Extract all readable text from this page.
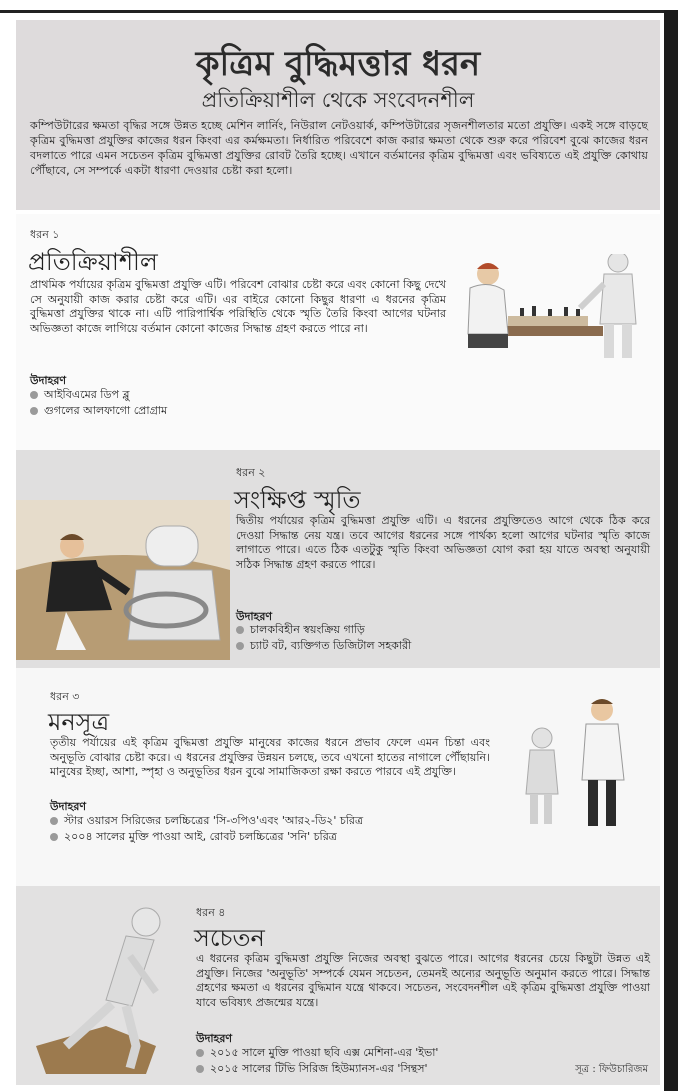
কৃত্রিম বুদ্ধিমত্তার ধরন
প্রতিক্রিয়াশীল থেকে সংবেদনশীল
কম্পিউটারের ক্ষমতা বৃদ্ধির সঙ্গে উন্নত হচ্ছে মেশিন লার্নিং, নিউরাল নেটওয়ার্ক, কম্পিউটারের সৃজনশীলতার মতো প্রযুক্তি। একই সঙ্গে বাড়ছে কৃত্রিম বুদ্ধিমত্তা প্রযুক্তির কাজের ধরন কিংবা এর কর্মক্ষমতা। নির্ধারিত পরিবেশে কাজ করার ক্ষমতা থেকে শুরু করে পরিবেশ বুঝে কাজের ধরন বদলাতে পারে এমন সচেতন কৃত্রিম বুদ্ধিমত্তা প্রযুক্তির রোবট তৈরি হচ্ছে। এখানে বর্তমানের কৃত্রিম বুদ্ধিমত্তা এবং ভবিষ্যতে এই প্রযুক্তি কোথায় পৌঁছাবে, সে সম্পর্কে একটা ধারণা দেওয়ার চেষ্টা করা হলো।
ধরন ১
প্রতিক্রিয়াশীল
প্রাথমিক পর্যায়ের কৃত্রিম বুদ্ধিমত্তা প্রযুক্তি এটি। পরিবেশ বোঝার চেষ্টা করে এবং কোনো কিছু দেখে সে অনুযায়ী কাজ করার চেষ্টা করে এটি। এর বাইরে কোনো কিছুর ধারণা এ ধরনের কৃত্রিম বুদ্ধিমত্তা প্রযুক্তির থাকে না। এটি পারিপার্শ্বিক পরিস্থিতি থেকে স্মৃতি তৈরি কিংবা আগের ঘটনার অভিজ্ঞতা কাজে লাগিয়ে বর্তমান কোনো কাজের সিদ্ধান্ত গ্রহণ করতে পারে না।
উদাহরণ
আইবিএমের ডিপ ব্লু
গুগলের আলফাগো প্রোগ্রাম
ধরন ২
সংক্ষিপ্ত স্মৃতি
দ্বিতীয় পর্যায়ের কৃত্রিম বুদ্ধিমত্তা প্রযুক্তি এটি। এ ধরনের প্রযুক্তিতেও আগে থেকে ঠিক করে দেওয়া সিদ্ধান্ত নেয় যন্ত্র। তবে আগের ধরনের সঙ্গে পার্থক্য হলো আগের ঘটনার স্মৃতি কাজে লাগাতে পারে। এতে ঠিক এতটুকু স্মৃতি কিংবা অভিজ্ঞতা যোগ করা হয় যাতে অবস্থা অনুযায়ী সঠিক সিদ্ধান্ত গ্রহণ করতে পারে।
উদাহরণ
চালকবিহীন স্বয়ংক্রিয় গাড়ি
চ্যাট বট, ব্যক্তিগত ডিজিটাল সহকারী
ধরন ৩
মনসূত্র
তৃতীয় পর্যায়ের এই কৃত্রিম বুদ্ধিমত্তা প্রযুক্তি মানুষের কাজের ধরনে প্রভাব ফেলে এমন চিন্তা এবং অনুভূতি বোঝার চেষ্টা করে। এ ধরনের প্রযুক্তির উন্নয়ন চলছে, তবে এখনো হাতের নাগালে পৌঁছায়নি। মানুষের ইচ্ছা, আশা, স্পৃহা ও অনুভূতির ধরন বুঝে সামাজিকতা রক্ষা করতে পারবে এই প্রযুক্তি।
উদাহরণ
স্টার ওয়ারস সিরিজের চলচ্চিত্রের 'সি-৩পিও'এবং 'আর২-ডি২' চরিত্র
২০০৪ সালের মুক্তি পাওয়া আই, রোবট চলচ্চিত্রের 'সনি' চরিত্র
ধরন ৪
সচেতন
এ ধরনের কৃত্রিম বুদ্ধিমত্তা প্রযুক্তি নিজের অবস্থা বুঝতে পারে। আগের ধরনের চেয়ে কিছুটা উন্নত এই প্রযুক্তি। নিজের 'অনুভূতি' সম্পর্কে যেমন সচেতন, তেমনই অন্যের অনুভূতি অনুমান করতে পারে। সিদ্ধান্ত গ্রহণের ক্ষমতা এ ধরনের বুদ্ধিমান যন্ত্রে থাকবে। সচেতন, সংবেদনশীল এই কৃত্রিম বুদ্ধিমত্তা প্রযুক্তি পাওয়া যাবে ভবিষ্যৎ প্রজন্মের যন্ত্রে।
উদাহরণ
২০১৫ সালে মুক্তি পাওয়া ছবি এক্স মেশিনা-এর 'ইভা'
২০১৫ সালের টিভি সিরিজ হিউম্যানস-এর 'সিন্থস'	সূত্র : ফিউচারিজম
